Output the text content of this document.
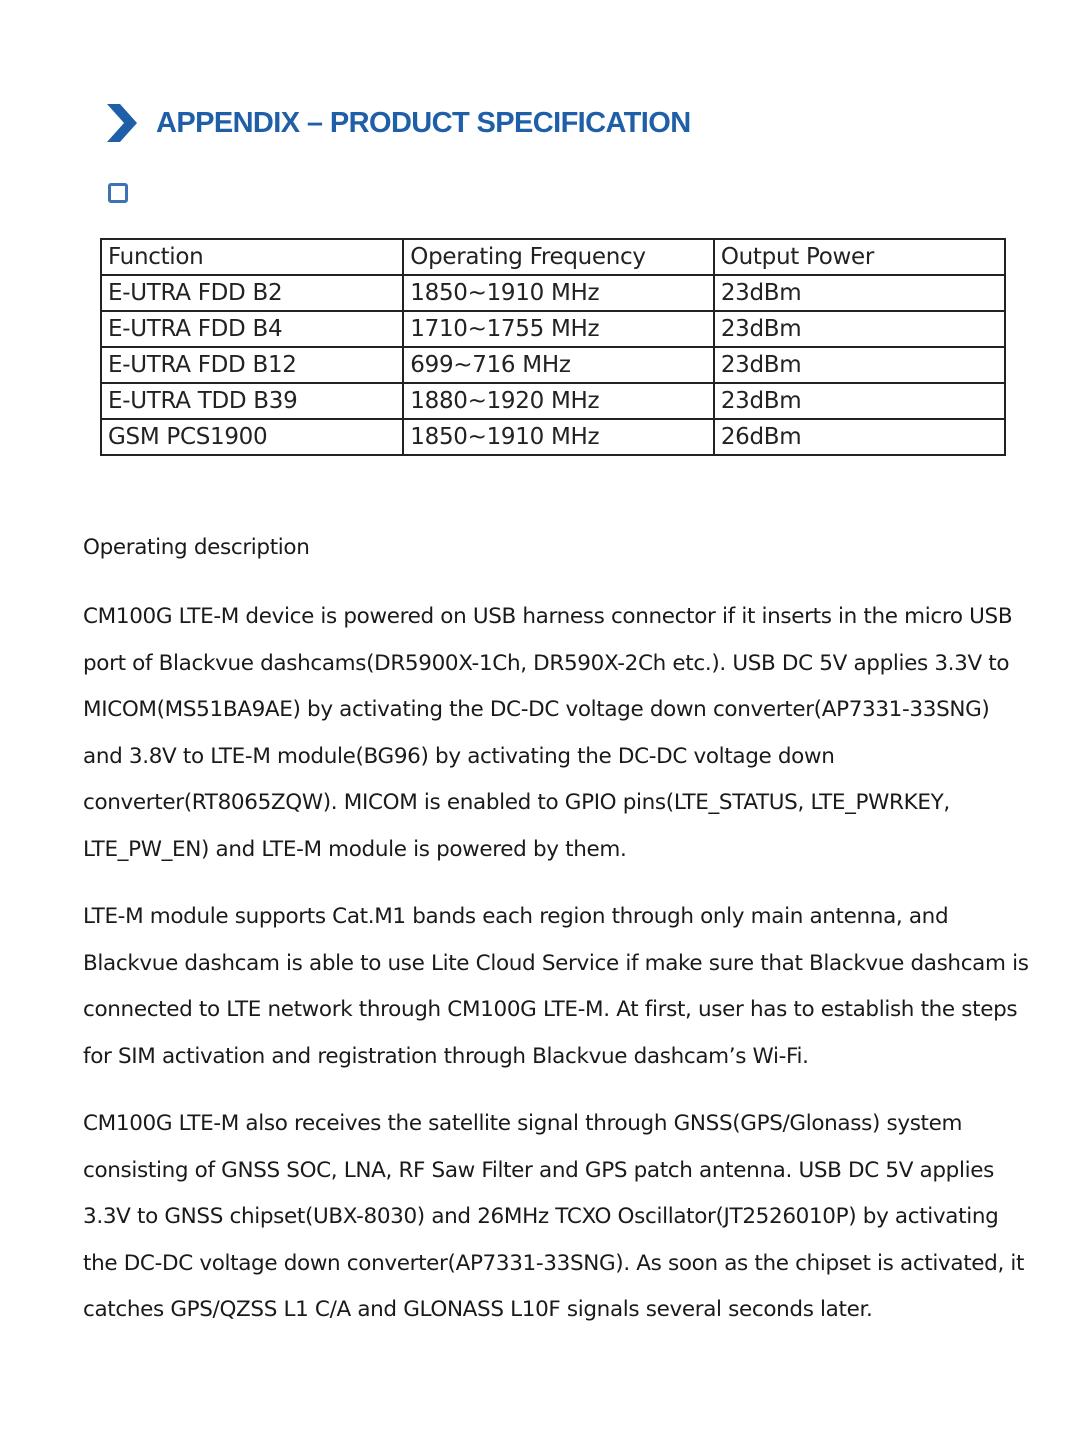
APPENDIX – PRODUCT SPECIFICATION
Function	Operating Frequency	Output Power
E-UTRA FDD B2	1850~1910 MHz	23dBm
E-UTRA FDD B4	1710~1755 MHz	23dBm
E-UTRA FDD B12	699~716 MHz	23dBm
E-UTRA TDD B39	1880~1920 MHz	23dBm
GSM PCS1900	1850~1910 MHz	26dBm
Operating description

CM100G LTE-M device is powered on USB harness connector if it inserts in the micro USB port of Blackvue dashcams(DR5900X-1Ch, DR590X-2Ch etc.). USB DC 5V applies 3.3V to MICOM(MS51BA9AE) by activating the DC-DC voltage down converter(AP7331-33SNG) and 3.8V to LTE-M module(BG96) by activating the DC-DC voltage down converter(RT8065ZQW). MICOM is enabled to GPIO pins(LTE_STATUS, LTE_PWRKEY, LTE_PW_EN) and LTE-M module is powered by them.

LTE-M module supports Cat.M1 bands each region through only main antenna, and Blackvue dashcam is able to use Lite Cloud Service if make sure that Blackvue dashcam is connected to LTE network through CM100G LTE-M. At first, user has to establish the steps for SIM activation and registration through Blackvue dashcam’s Wi-Fi.

CM100G LTE-M also receives the satellite signal through GNSS(GPS/Glonass) system consisting of GNSS SOC, LNA, RF Saw Filter and GPS patch antenna. USB DC 5V applies 3.3V to GNSS chipset(UBX-8030) and 26MHz TCXO Oscillator(JT2526010P) by activating the DC-DC voltage down converter(AP7331-33SNG). As soon as the chipset is activated, it catches GPS/QZSS L1 C/A and GLONASS L10F signals several seconds later.
